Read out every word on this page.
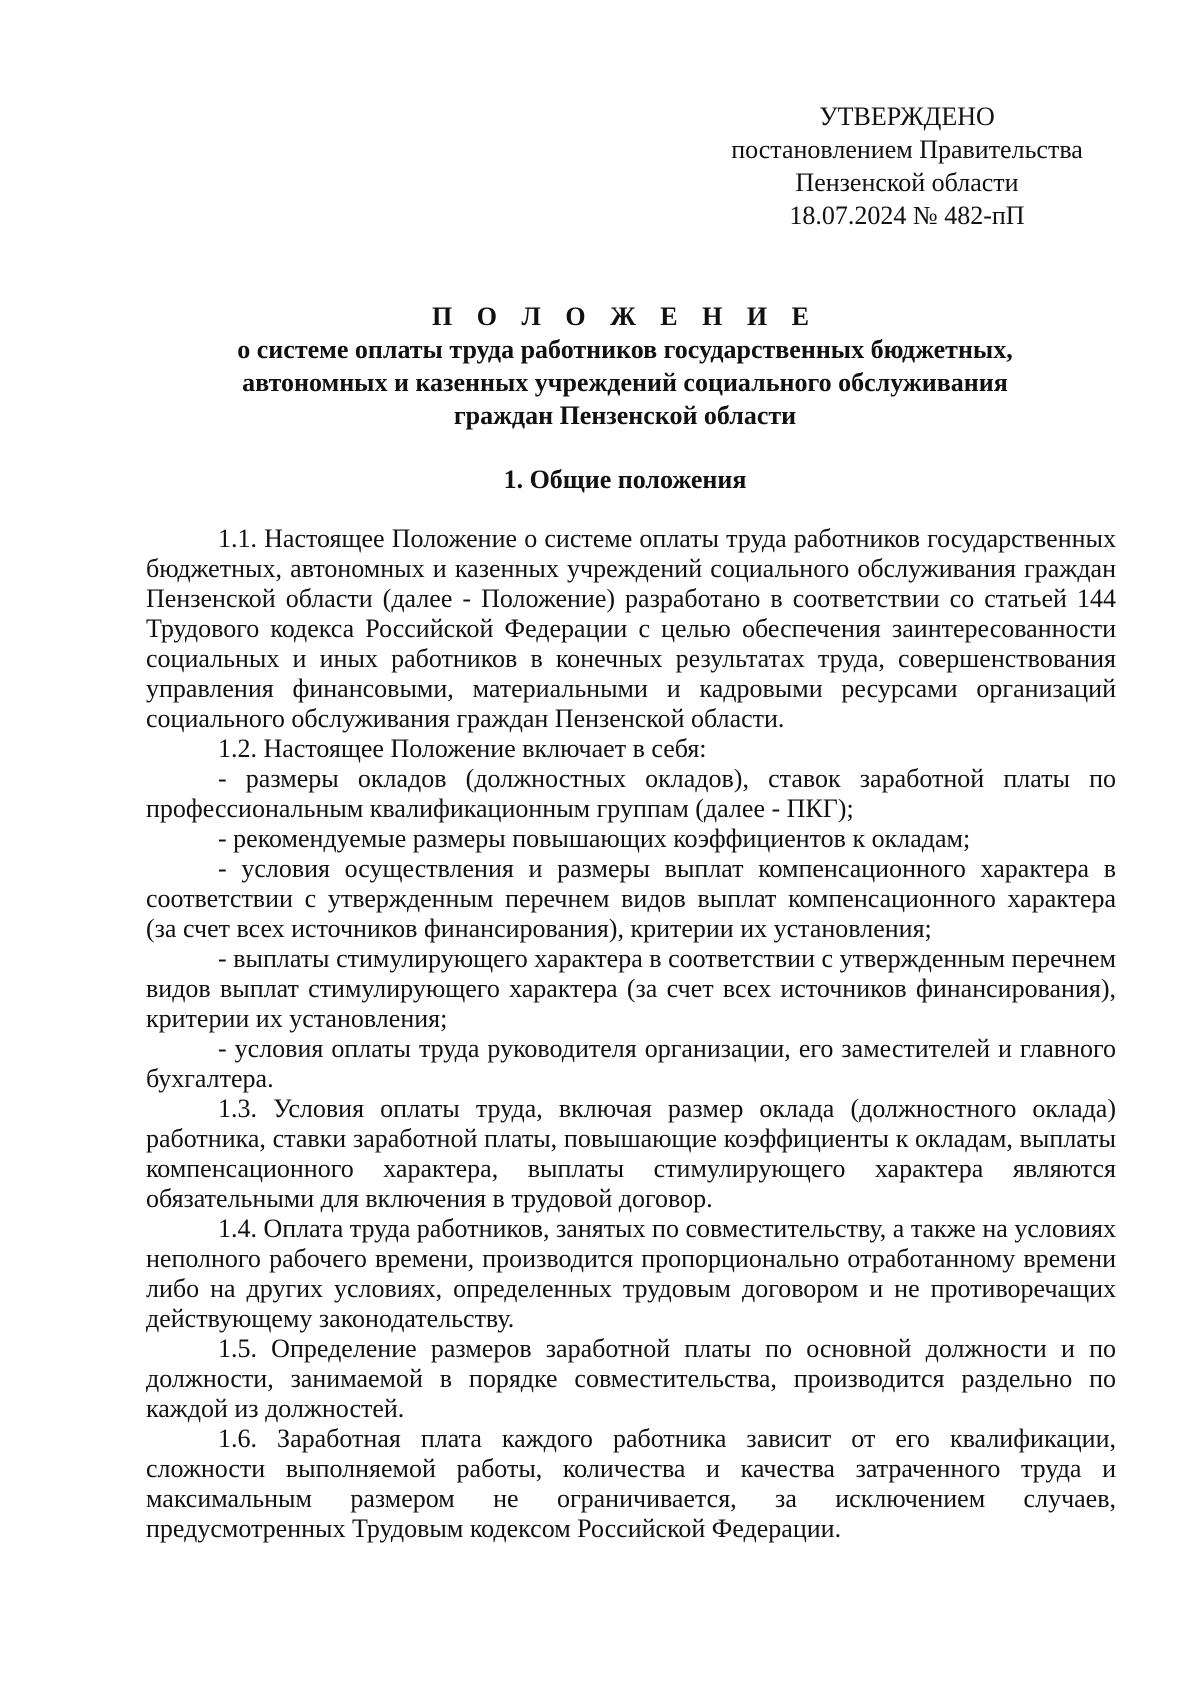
УТВЕРЖДЕНО
постановлением Правительства
Пензенской области
18.07.2024 № 482-пП
П О Л О Ж Е Н И Е
о системе оплаты труда работников государственных бюджетных,
автономных и казенных учреждений социального обслуживания
граждан Пензенской области
1. Общие положения

1.1. Настоящее Положение о системе оплаты труда работников государственных бюджетных, автономных и казенных учреждений социального обслуживания граждан Пензенской области (далее - Положение) разработано в соответствии со статьей 144 Трудового кодекса Российской Федерации с целью обеспечения заинтересованности социальных и иных работников в конечных результатах труда, совершенствования управления финансовыми, материальными и кадровыми ресурсами организаций социального обслуживания граждан Пензенской области.

1.2. Настоящее Положение включает в себя:

- размеры окладов (должностных окладов), ставок заработной платы по профессиональным квалификационным группам (далее - ПКГ);

- рекомендуемые размеры повышающих коэффициентов к окладам;

- условия осуществления и размеры выплат компенсационного характера в соответствии с утвержденным перечнем видов выплат компенсационного характера (за счет всех источников финансирования), критерии их установления;

- выплаты стимулирующего характера в соответствии с утвержденным перечнем видов выплат стимулирующего характера (за счет всех источников финансирования), критерии их установления;

- условия оплаты труда руководителя организации, его заместителей и главного бухгалтера.

1.3. Условия оплаты труда, включая размер оклада (должностного оклада) работника, ставки заработной платы, повышающие коэффициенты к окладам, выплаты компенсационного характера, выплаты стимулирующего характера являются обязательными для включения в трудовой договор.

1.4. Оплата труда работников, занятых по совместительству, а также на условиях неполного рабочего времени, производится пропорционально отработанному времени либо на других условиях, определенных трудовым договором и не противоречащих действующему законодательству.

1.5. Определение размеров заработной платы по основной должности и по должности, занимаемой в порядке совместительства, производится раздельно по каждой из должностей.

1.6. Заработная плата каждого работника зависит от его квалификации, сложности выполняемой работы, количества и качества затраченного труда и максимальным размером не ограничивается, за исключением случаев, предусмотренных Трудовым кодексом Российской Федерации.
